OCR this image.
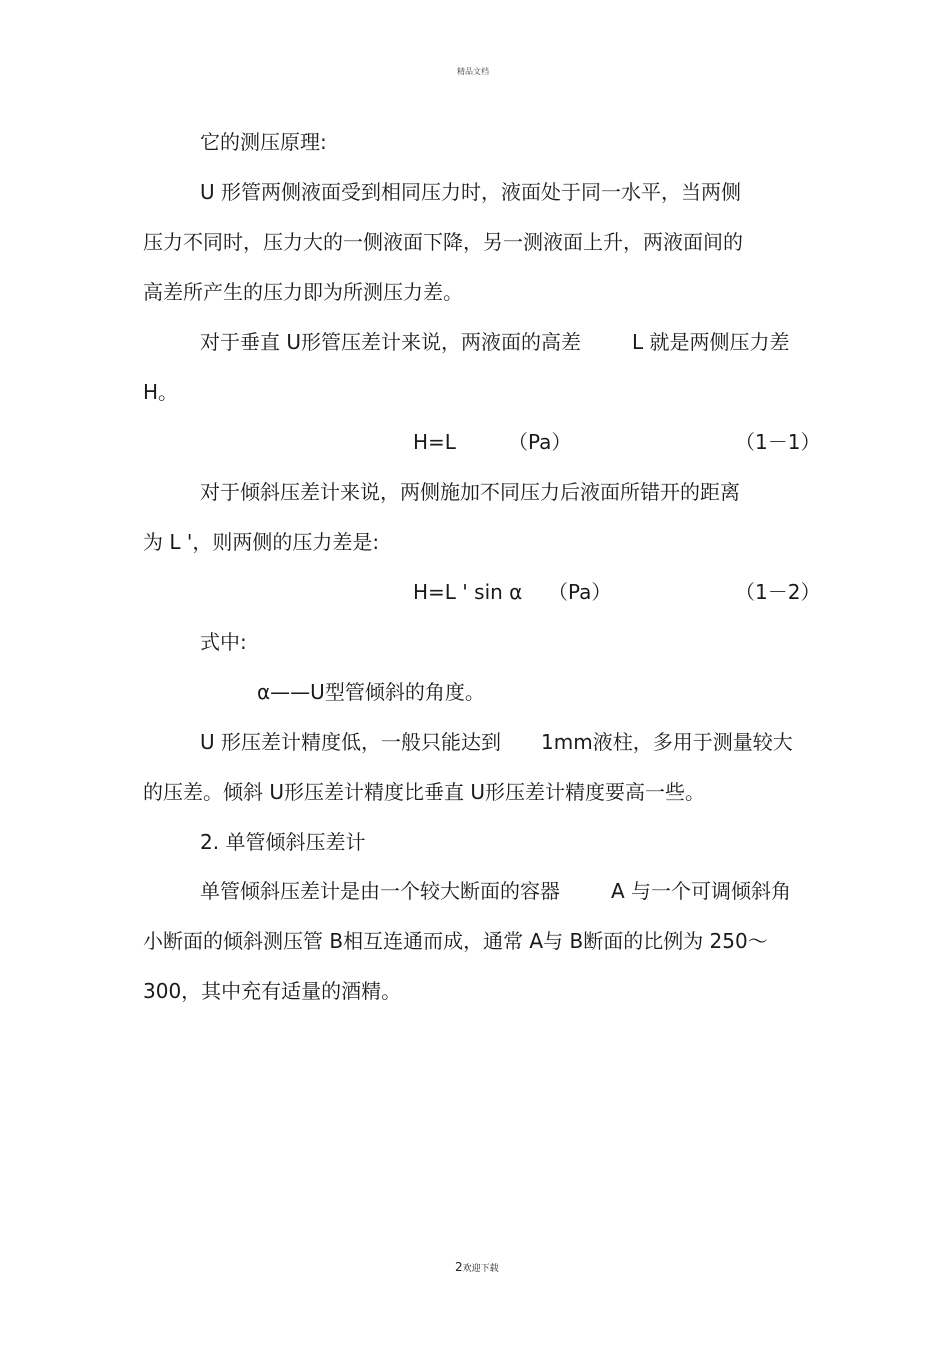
精品文档
它的测压原理:
U 形管两侧液面受到相同压力时，液面处于同一水平，当两侧
压力不同时，压力大的一侧液面下降，另一测液面上升，两液面间的
高差所产生的压力即为所测压力差。
对于垂直 U形管压差计来说，两液面的高差	L 就是两侧压力差
H。
H=L	（Pa）	（1－1）
对于倾斜压差计来说，两侧施加不同压力后液面所错开的距离
为 L '，则两侧的压力差是:
H=L ' sin α （Pa）	（1－2）
式中:
α——U型管倾斜的角度。
U 形压差计精度低，一般只能达到 1mm液柱，多用于测量较大
的压差。倾斜 U形压差计精度比垂直 U形压差计精度要高一些。
2. 单管倾斜压差计
单管倾斜压差计是由一个较大断面的容器	A 与一个可调倾斜角
小断面的倾斜测压管 B相互连通而成，通常 A与 B断面的比例为 250～
300，其中充有适量的酒精。
2欢迎下载
